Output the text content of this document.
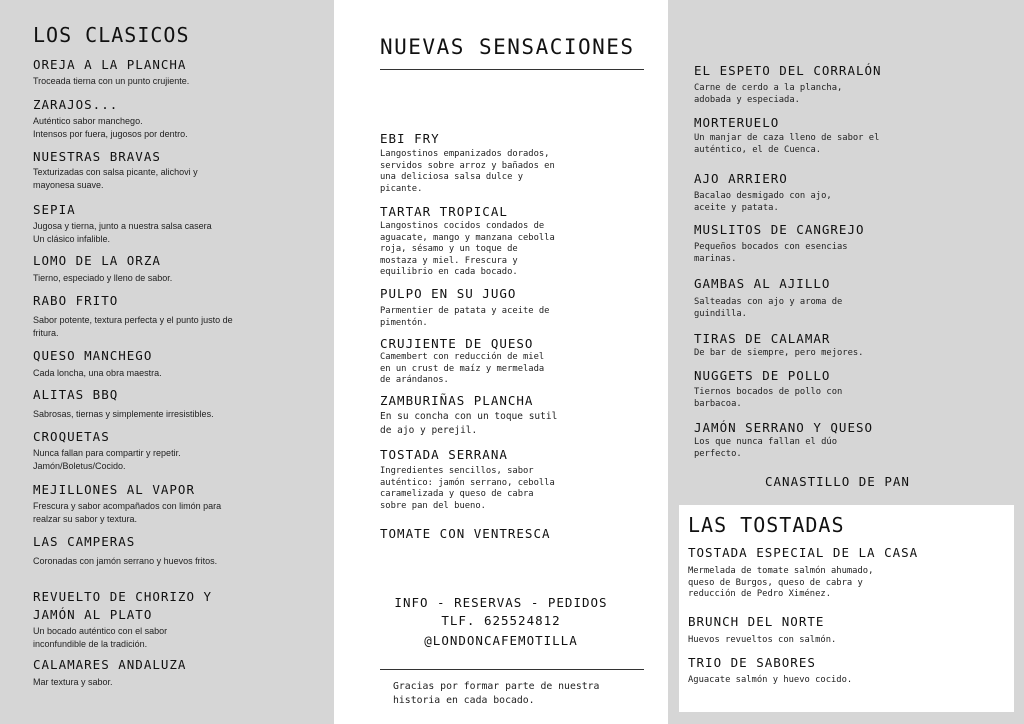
LOS CLASICOS
OREJA A LA PLANCHA
Troceada tierna con un punto crujiente.
ZARAJOS...
Auténtico sabor manchego.
Intensos por fuera, jugosos por dentro.
NUESTRAS BRAVAS
Texturizadas con salsa picante, alichovi y mayonesa suave.
SEPIA
Jugosa y tierna, junto a nuestra salsa casera
Un clásico infalible.
LOMO DE LA ORZA
Tierno, especiado y lleno de sabor.
RABO FRITO
Sabor potente, textura perfecta y el punto justo de fritura.
QUESO MANCHEGO
Cada loncha, una obra maestra.
ALITAS BBQ
Sabrosas, tiernas y simplemente irresistibles.
CROQUETAS
Nunca fallan para compartir y repetir.
Jamón/Boletus/Cocido.
MEJILLONES AL VAPOR
Frescura y sabor acompañados con limón para realzar su sabor y textura.
LAS CAMPERAS
Coronadas con jamón serrano y huevos fritos.
REVUELTO DE CHORIZO Y JAMÓN AL PLATO
Un bocado auténtico con el sabor inconfundible de la tradición.
CALAMARES ANDALUZA
Mar textura y sabor.
NUEVAS SENSACIONES
EBI FRY
Langostinos empanizados dorados, servidos sobre arroz y bañados en una deliciosa salsa dulce y picante.
TARTAR TROPICAL
Langostinos cocidos condados de aguacate, mango y manzana cebolla roja, sésamo y un toque de mostaza y miel. Frescura y equilibrio en cada bocado.
PULPO EN SU JUGO
Parmentier de patata y aceite de pimentón.
CRUJIENTE DE QUESO
Camembert con reducción de miel en un crust de maíz y mermelada de arándanos.
ZAMBURIÑAS PLANCHA
En su concha con un toque sutil de ajo y perejil.
TOSTADA SERRANA
Ingredientes sencillos, sabor auténtico: jamón serrano, cebolla caramelizada y queso de cabra sobre pan del bueno.
TOMATE CON VENTRESCA
INFO - RESERVAS - PEDIDOS
TLF. 625524812
@LONDONCAFEMOTILLA
Gracias por formar parte de nuestra historia en cada bocado.
EL ESPETO DEL CORRALÓN
Carne de cerdo a la plancha, adobada y especiada.
MORTERUELO
Un manjar de caza lleno de sabor el auténtico, el de Cuenca.
AJO ARRIERO
Bacalao desmigado con ajo, aceite y patata.
MUSLITOS DE CANGREJO
Pequeños bocados con esencias marinas.
GAMBAS AL AJILLO
Salteadas con ajo y aroma de guindilla.
TIRAS DE CALAMAR
De bar de siempre, pero mejores.
NUGGETS DE POLLO
Tiernos bocados de pollo con barbacoa.
JAMÓN SERRANO Y QUESO
Los que nunca fallan el dúo perfecto.
CANASTILLO DE PAN
LAS TOSTADAS
TOSTADA ESPECIAL DE LA CASA
Mermelada de tomate salmón ahumado, queso de Burgos, queso de cabra y reducción de Pedro Ximénez.
BRUNCH DEL NORTE
Huevos revueltos con salmón.
TRIO DE SABORES
Aguacate salmón y huevo cocido.
